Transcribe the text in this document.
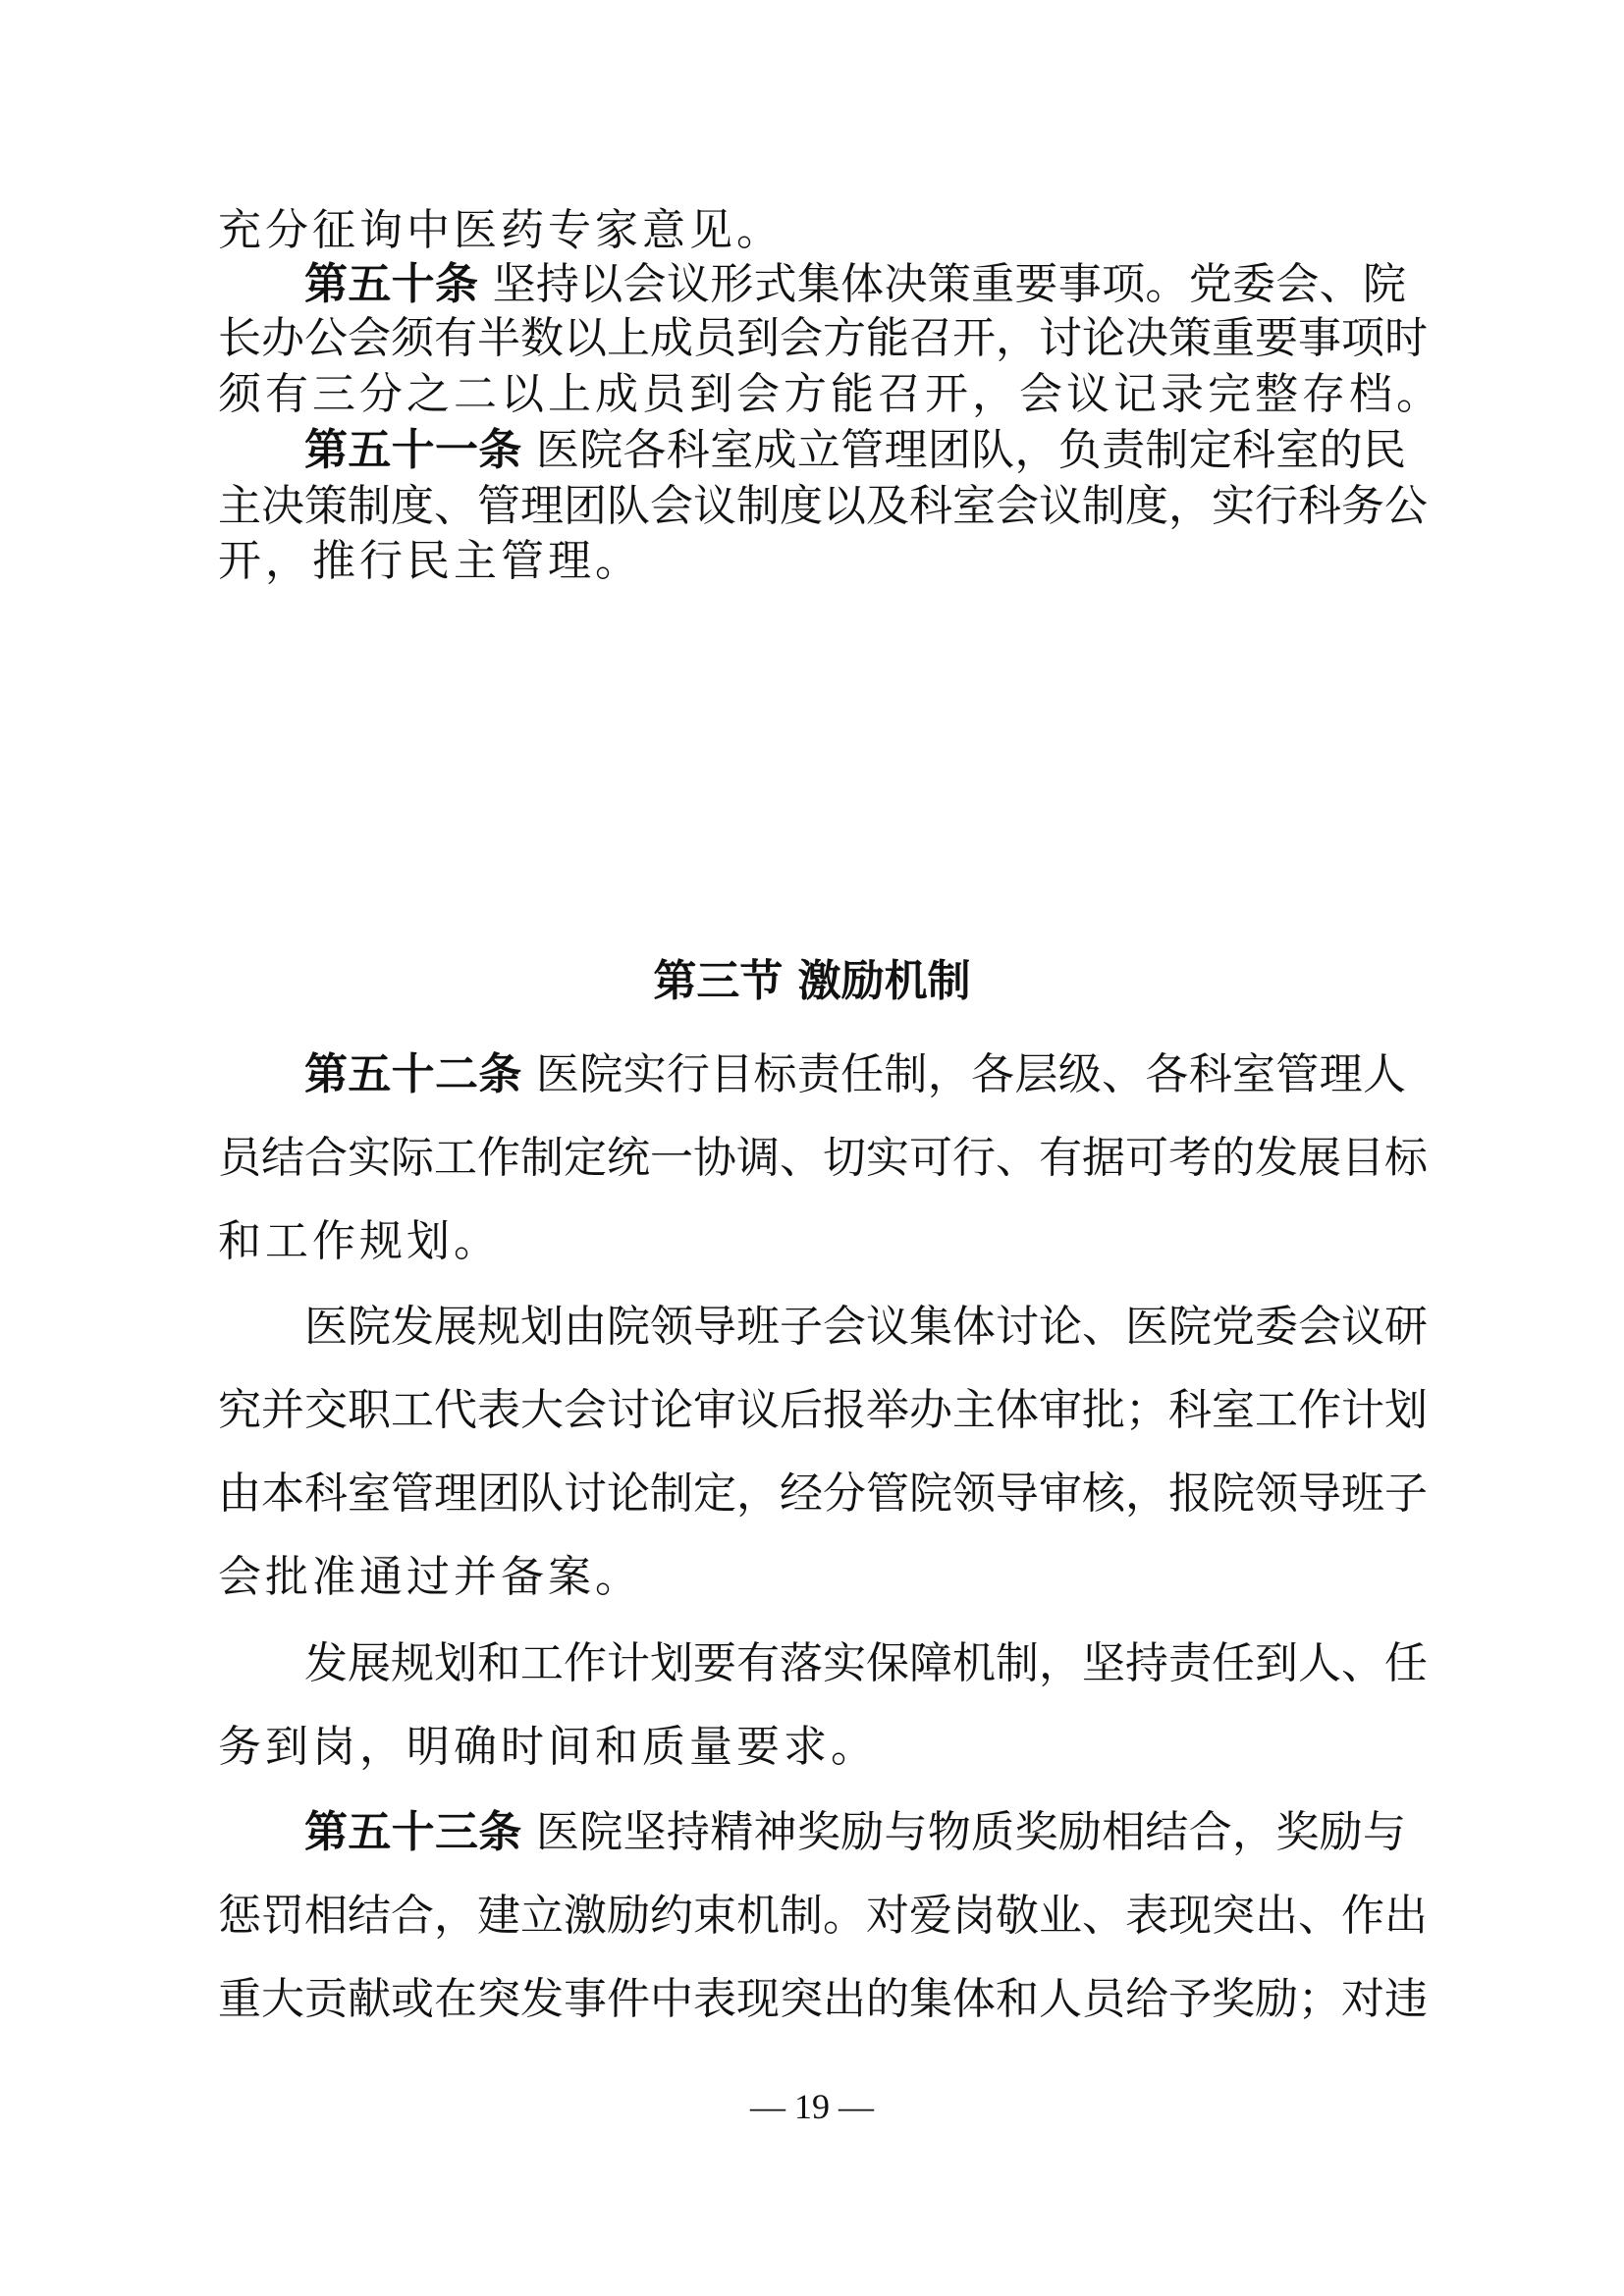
充分征询中医药专家意见。
第五十条 坚持以会议形式集体决策重要事项。党委会、院
长办公会须有半数以上成员到会方能召开，讨论决策重要事项时
须有三分之二以上成员到会方能召开，会议记录完整存档。
第五十一条 医院各科室成立管理团队，负责制定科室的民
主决策制度、管理团队会议制度以及科室会议制度，实行科务公
开，推行民主管理。
第三节 激励机制
第五十二条 医院实行目标责任制，各层级、各科室管理人
员结合实际工作制定统一协调、切实可行、有据可考的发展目标
和工作规划。
医院发展规划由院领导班子会议集体讨论、医院党委会议研
究并交职工代表大会讨论审议后报举办主体审批；科室工作计划
由本科室管理团队讨论制定，经分管院领导审核，报院领导班子
会批准通过并备案。
发展规划和工作计划要有落实保障机制，坚持责任到人、任
务到岗，明确时间和质量要求。
第五十三条 医院坚持精神奖励与物质奖励相结合，奖励与
惩罚相结合，建立激励约束机制。对爱岗敬业、表现突出、作出
重大贡献或在突发事件中表现突出的集体和人员给予奖励；对违
— 19 —
